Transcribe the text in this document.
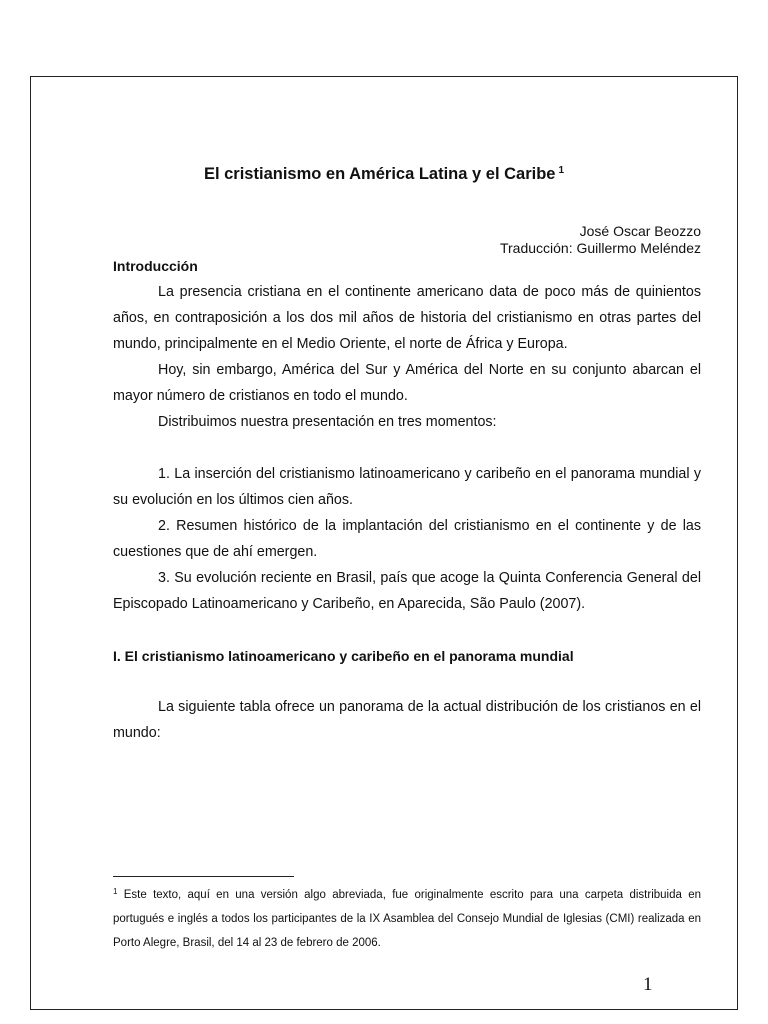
El cristianismo en América Latina y el Caribe $^1$
José Oscar Beozzo
Traducción: Guillermo Meléndez
Introducción

La presencia cristiana en el continente americano data de poco más de quinientos años, en contraposición a los dos mil años de historia del cristianismo en otras partes del mundo, principalmente en el Medio Oriente, el norte de África y Europa.

Hoy, sin embargo, América del Sur y América del Norte en su conjunto abarcan el mayor número de cristianos en todo el mundo.

Distribuimos nuestra presentación en tres momentos:

1. La inserción del cristianismo latinoamericano y caribeño en el panorama mundial y su evolución en los últimos cien años.

2. Resumen histórico de la implantación del cristianismo en el continente y de las cuestiones que de ahí emergen.

3. Su evolución reciente en Brasil, país que acoge la Quinta Conferencia General del Episcopado Latinoamericano y Caribeño, en Aparecida, São Paulo (2007).

I. El cristianismo latinoamericano y caribeño en el panorama mundial

La siguiente tabla ofrece un panorama de la actual distribución de los cristianos en el mundo:

$^1$ Este texto, aquí en una versión algo abreviada, fue originalmente escrito para una carpeta distribuida en portugués e inglés a todos los participantes de la IX Asamblea del Consejo Mundial de Iglesias (CMI) realizada en Porto Alegre, Brasil, del 14 al 23 de febrero de 2006.

1
